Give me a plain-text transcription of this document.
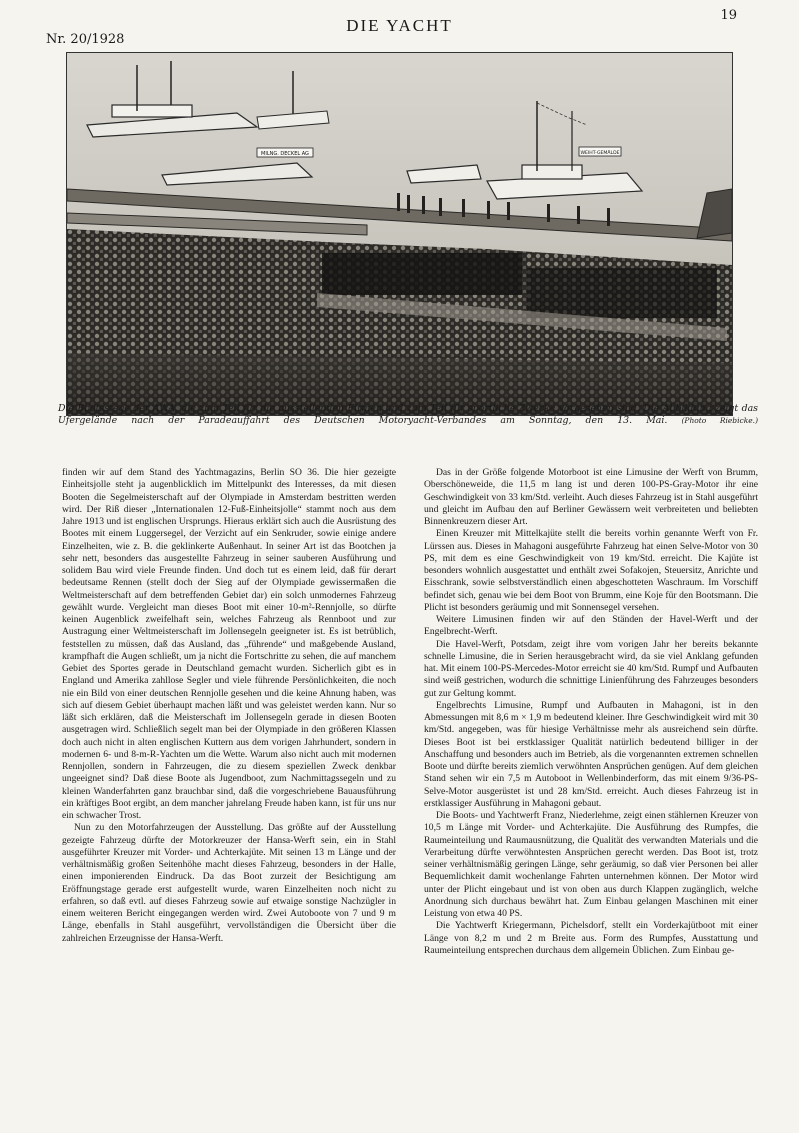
19
DIE YACHT
Nr. 20/1928
MILNG. DECKEL AG	WEIHT-GEMÄLDE
Die Bootsstege der AWA, die zum Teil für die ausstellenden Firmen und zum Teil für sportliche Zwecke vorgesehen sind. Die Abbildung zeigt das Ufergelände nach der Paradeauffahrt des Deutschen Motoryacht-Verbandes am Sonntag, den 13. Mai. (Photo Riebicke.)

finden wir auf dem Stand des Yachtmagazins, Berlin SO 36. Die hier gezeigte Einheitsjolle steht ja augenblicklich im Mittelpunkt des Interesses, da mit diesen Booten die Segelmeisterschaft auf der Olympiade in Amsterdam bestritten werden wird. Der Riß dieser „Internationalen 12-Fuß-Einheitsjolle“ stammt noch aus dem Jahre 1913 und ist englischen Ursprungs. Hieraus erklärt sich auch die Ausrüstung des Bootes mit einem Luggersegel, der Verzicht auf ein Senkruder, sowie einige andere Einzelheiten, wie z. B. die geklinkerte Außenhaut. In seiner Art ist das Bootchen ja sehr nett, besonders das ausgestellte Fahrzeug in seiner sauberen Ausführung und solidem Bau wird viele Freunde finden. Und doch tut es einem leid, daß für derart bedeutsame Rennen (stellt doch der Sieg auf der Olympiade gewissermaßen die Weltmeisterschaft auf dem betreffenden Gebiet dar) ein solch unmodernes Fahrzeug gewählt wurde. Vergleicht man dieses Boot mit einer 10-m²-Rennjolle, so dürfte keinen Augenblick zweifelhaft sein, welches Fahrzeug als Rennboot und zur Austragung einer Weltmeisterschaft im Jollensegeln geeigneter ist. Es ist betrüblich, feststellen zu müssen, daß das Ausland, das „führende“ und maßgebende Ausland, krampfhaft die Augen schließt, um ja nicht die Fortschritte zu sehen, die auf manchem Gebiet des Sportes gerade in Deutschland gemacht wurden. Sicherlich gibt es in England und Amerika zahllose Segler und viele führende Persönlichkeiten, die noch nie ein Bild von einer deutschen Rennjolle gesehen und die keine Ahnung haben, was sich auf diesem Gebiet überhaupt machen läßt und was geleistet werden kann. Nur so läßt sich erklären, daß die Meisterschaft im Jollensegeln gerade in diesen Booten ausgetragen wird. Schließlich segelt man bei der Olympiade in den größeren Klassen doch auch nicht in alten englischen Kuttern aus dem vorigen Jahrhundert, sondern in modernen 6- und 8-m-R-Yachten um die Wette. Warum also nicht auch mit modernen Rennjollen, sondern in Fahrzeugen, die zu diesem speziellen Zweck denkbar ungeeignet sind? Daß diese Boote als Jugendboot, zum Nachmittagssegeln und zu kleinen Wanderfahrten ganz brauchbar sind, daß die vorgeschriebene Bauausführung ein kräftiges Boot ergibt, an dem mancher jahrelang Freude haben kann, ist für uns nur ein schwacher Trost.

Nun zu den Motorfahrzeugen der Ausstellung. Das größte auf der Ausstellung gezeigte Fahrzeug dürfte der Motorkreuzer der Hansa-Werft sein, ein in Stahl ausgeführter Kreuzer mit Vorder- und Achterkajüte. Mit seinen 13 m Länge und der verhältnismäßig großen Seitenhöhe macht dieses Fahrzeug, besonders in der Halle, einen imponierenden Eindruck. Da das Boot zurzeit der Besichtigung am Eröffnungstage gerade erst aufgestellt wurde, waren Einzelheiten noch nicht zu erfahren, so daß evtl. auf dieses Fahrzeug sowie auf etwaige sonstige Nachzügler in einem weiteren Bericht eingegangen werden wird. Zwei Autoboote von 7 und 9 m Länge, ebenfalls in Stahl ausgeführt, vervollständigen die Übersicht über die zahlreichen Erzeugnisse der Hansa-Werft.

Das in der Größe folgende Motorboot ist eine Limusine der Werft von Brumm, Oberschöneweide, die 11,5 m lang ist und deren 100-PS-Gray-Motor ihr eine Geschwindigkeit von 33 km/Std. verleiht. Auch dieses Fahrzeug ist in Stahl ausgeführt und gleicht im Aufbau den auf Berliner Gewässern weit verbreiteten und beliebten Binnenkreuzern dieser Art.

Einen Kreuzer mit Mittelkajüte stellt die bereits vorhin genannte Werft von Fr. Lürssen aus. Dieses in Mahagoni ausgeführte Fahrzeug hat einen Selve-Motor von 30 PS, mit dem es eine Geschwindigkeit von 19 km/Std. erreicht. Die Kajüte ist besonders wohnlich ausgestattet und enthält zwei Sofakojen, Steuersitz, Anrichte und Eisschrank, sowie selbstverständlich einen abgeschotteten Waschraum. Im Vorschiff befindet sich, genau wie bei dem Boot von Brumm, eine Koje für den Bootsmann. Die Plicht ist besonders geräumig und mit Sonnensegel versehen.

Weitere Limusinen finden wir auf den Ständen der Havel-Werft und der Engelbrecht-Werft.

Die Havel-Werft, Potsdam, zeigt ihre vom vorigen Jahr her bereits bekannte schnelle Limusine, die in Serien herausgebracht wird, da sie viel Anklang gefunden hat. Mit einem 100-PS-Mercedes-Motor erreicht sie 40 km/Std. Rumpf und Aufbauten sind weiß gestrichen, wodurch die schnittige Linienführung des Fahrzeuges besonders gut zur Geltung kommt.

Engelbrechts Limusine, Rumpf und Aufbauten in Mahagoni, ist in den Abmessungen mit 8,6 m × 1,9 m bedeutend kleiner. Ihre Geschwindigkeit wird mit 30 km/Std. angegeben, was für hiesige Verhältnisse mehr als ausreichend sein dürfte. Dieses Boot ist bei erstklassiger Qualität natürlich bedeutend billiger in der Anschaffung und besonders auch im Betrieb, als die vorgenannten extremen schnellen Boote und dürfte bereits ziemlich verwöhnten Ansprüchen genügen. Auf dem gleichen Stand sehen wir ein 7,5 m Autoboot in Wellenbinderform, das mit einem 9/36-PS-Selve-Motor ausgerüstet ist und 28 km/Std. erreicht. Auch dieses Fahrzeug ist in erstklassiger Ausführung in Mahagoni gebaut.

Die Boots- und Yachtwerft Franz, Niederlehme, zeigt einen stählernen Kreuzer von 10,5 m Länge mit Vorder- und Achterkajüte. Die Ausführung des Rumpfes, die Raumeinteilung und Raumausnützung, die Qualität des verwandten Materials und die Verarbeitung dürfte verwöhntesten Ansprüchen gerecht werden. Das Boot ist, trotz seiner verhältnismäßig geringen Länge, sehr geräumig, so daß vier Personen bei aller Bequemlichkeit damit wochenlange Fahrten unternehmen können. Der Motor wird unter der Plicht eingebaut und ist von oben aus durch Klappen zugänglich, welche Anordnung sich durchaus bewährt hat. Zum Einbau gelangen Maschinen mit einer Leistung von etwa 40 PS.

Die Yachtwerft Kriegermann, Pichelsdorf, stellt ein Vorderkajütboot mit einer Länge von 8,2 m und 2 m Breite aus. Form des Rumpfes, Ausstattung und Raumeinteilung entsprechen durchaus dem allgemein Üblichen. Zum Einbau ge-
